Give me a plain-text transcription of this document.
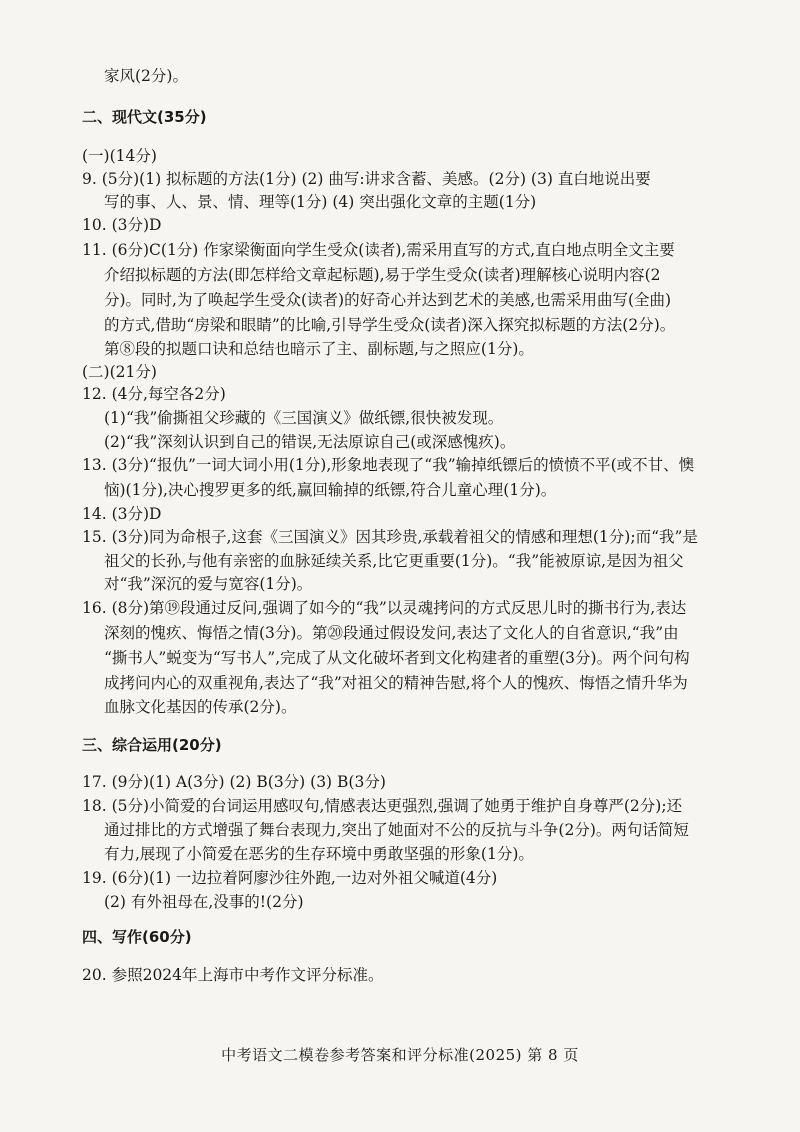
家风(2分)。
二、现代文(35分)
(一)(14分)
9. (5分)(1) 拟标题的方法(1分) (2) 曲写:讲求含蓄、美感。(2分) (3) 直白地说出要
写的事、人、景、情、理等(1分) (4) 突出强化文章的主题(1分)
10. (3分)D
11. (6分)C(1分) 作家梁衡面向学生受众(读者),需采用直写的方式,直白地点明全文主要
介绍拟标题的方法(即怎样给文章起标题),易于学生受众(读者)理解核心说明内容(2
分)。同时,为了唤起学生受众(读者)的好奇心并达到艺术的美感,也需采用曲写(全曲)
的方式,借助“房梁和眼睛”的比喻,引导学生受众(读者)深入探究拟标题的方法(2分)。
第⑧段的拟题口诀和总结也暗示了主、副标题,与之照应(1分)。
(二)(21分)
12. (4分,每空各2分)
(1)“我”偷撕祖父珍藏的《三国演义》做纸镖,很快被发现。
(2)“我”深刻认识到自己的错误,无法原谅自己(或深感愧疚)。
13. (3分)“报仇”一词大词小用(1分),形象地表现了“我”输掉纸镖后的愤愤不平(或不甘、懊
恼)(1分),决心搜罗更多的纸,赢回输掉的纸镖,符合儿童心理(1分)。
14. (3分)D
15. (3分)同为命根子,这套《三国演义》因其珍贵,承载着祖父的情感和理想(1分);而“我”是
祖父的长孙,与他有亲密的血脉延续关系,比它更重要(1分)。“我”能被原谅,是因为祖父
对“我”深沉的爱与宽容(1分)。
16. (8分)第⑲段通过反问,强调了如今的“我”以灵魂拷问的方式反思儿时的撕书行为,表达
深刻的愧疚、悔悟之情(3分)。第⑳段通过假设发问,表达了文化人的自省意识,“我”由
“撕书人”蜕变为“写书人”,完成了从文化破坏者到文化构建者的重塑(3分)。两个问句构
成拷问内心的双重视角,表达了“我”对祖父的精神告慰,将个人的愧疚、悔悟之情升华为
血脉文化基因的传承(2分)。
三、综合运用(20分)
17. (9分)(1) A(3分) (2) B(3分) (3) B(3分)
18. (5分)小简爱的台词运用感叹句,情感表达更强烈,强调了她勇于维护自身尊严(2分);还
通过排比的方式增强了舞台表现力,突出了她面对不公的反抗与斗争(2分)。两句话简短
有力,展现了小简爱在恶劣的生存环境中勇敢坚强的形象(1分)。
19. (6分)(1) 一边拉着阿廖沙往外跑,一边对外祖父喊道(4分)
(2) 有外祖母在,没事的!(2分)
四、写作(60分)
20. 参照2024年上海市中考作文评分标准。
中考语文二模卷参考答案和评分标准(2025) 第 8 页
